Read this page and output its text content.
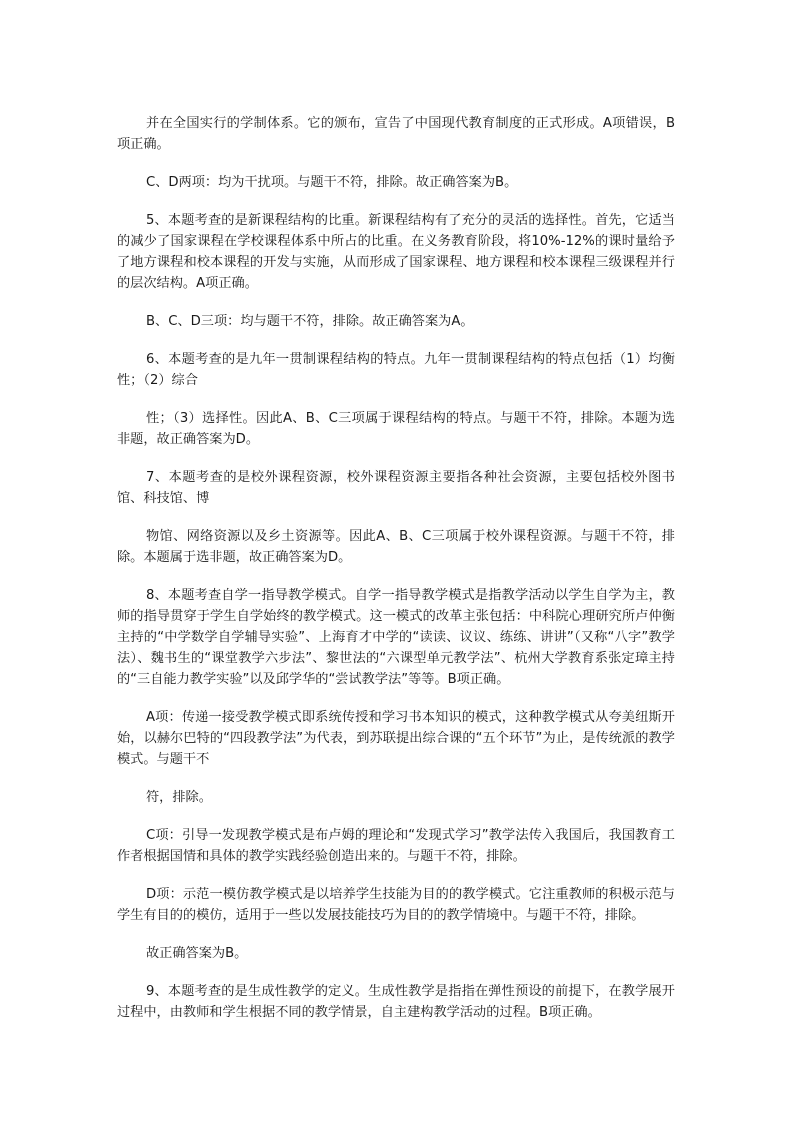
并在全国实行的学制体系。它的颁布，宣告了中国现代教育制度的正式形成。A项错误，B项正确。

C、D两项：均为干扰项。与题干不符，排除。故正确答案为B。

5、本题考查的是新课程结构的比重。新课程结构有了充分的灵活的选择性。首先，它适当的减少了国家课程在学校课程体系中所占的比重。在义务教育阶段，将10%-12%的课时量给予了地方课程和校本课程的开发与实施，从而形成了国家课程、地方课程和校本课程三级课程并行的层次结构。A项正确。

B、C、D三项：均与题干不符，排除。故正确答案为A。

6、本题考查的是九年一贯制课程结构的特点。九年一贯制课程结构的特点包括（1）均衡性；（2）综合

性；（3）选择性。因此A、B、C三项属于课程结构的特点。与题干不符，排除。本题为选非题，故正确答案为D。

7、本题考查的是校外课程资源，校外课程资源主要指各种社会资源，主要包括校外图书馆、科技馆、博

物馆、网络资源以及乡土资源等。因此A、B、C三项属于校外课程资源。与题干不符，排除。本题属于选非题，故正确答案为D。

8、本题考查自学一指导教学模式。自学一指导教学模式是指教学活动以学生自学为主，教师的指导贯穿于学生自学始终的教学模式。这一模式的改革主张包括：中科院心理研究所卢仲衡主持的“中学数学自学辅导实验”、上海育才中学的“读读、议议、练练、讲讲”（又称“八字”教学法）、魏书生的“课堂教学六步法”、黎世法的“六课型单元教学法”、杭州大学教育系张定璋主持的“三自能力教学实验”以及邱学华的“尝试教学法”等等。B项正确。

A项：传递一接受教学模式即系统传授和学习书本知识的模式，这种教学模式从夸美纽斯开始，以赫尔巴特的“四段教学法”为代表，到苏联提出综合课的“五个环节”为止，是传统派的教学模式。与题干不

符，排除。

C项：引导一发现教学模式是布卢姆的理论和“发现式学习”教学法传入我国后，我国教育工作者根据国情和具体的教学实践经验创造出来的。与题干不符，排除。

D项：示范一模仿教学模式是以培养学生技能为目的的教学模式。它注重教师的积极示范与学生有目的的模仿，适用于一些以发展技能技巧为目的的教学情境中。与题干不符，排除。

故正确答案为B。

9、本题考查的是生成性教学的定义。生成性教学是指指在弹性预设的前提下，在教学展开过程中，由教师和学生根据不同的教学情景，自主建构教学活动的过程。B项正确。
